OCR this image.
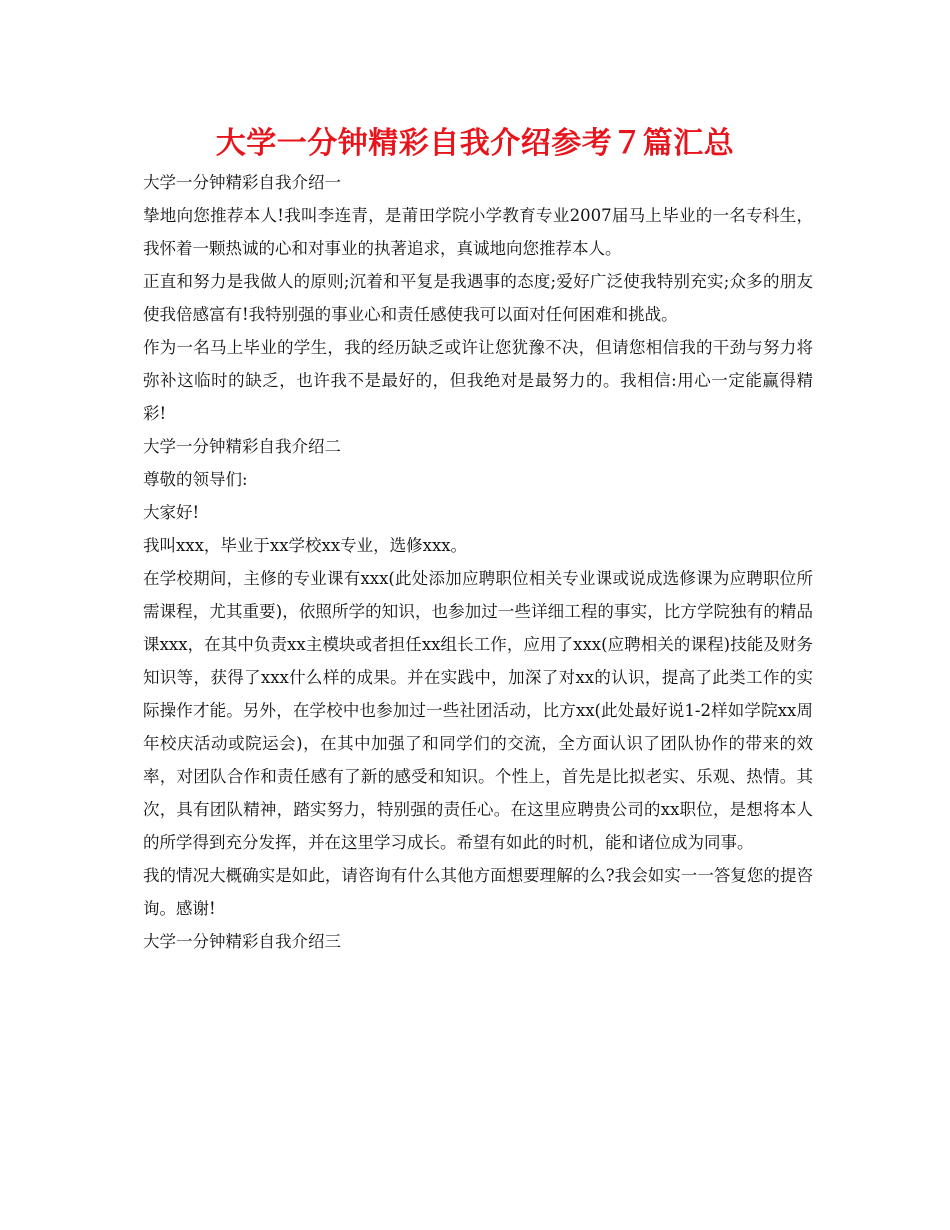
大学一分钟精彩自我介绍参考７篇汇总

大学一分钟精彩自我介绍一

挚地向您推荐本人!我叫李连青，是莆田学院小学教育专业2007届马上毕业的一名专科生，我怀着一颗热诚的心和对事业的执著追求，真诚地向您推荐本人。

正直和努力是我做人的原则;沉着和平复是我遇事的态度;爱好广泛使我特别充实;众多的朋友使我倍感富有!我特别强的事业心和责任感使我可以面对任何困难和挑战。

作为一名马上毕业的学生，我的经历缺乏或许让您犹豫不决，但请您相信我的干劲与努力将弥补这临时的缺乏，也许我不是最好的，但我绝对是最努力的。我相信:用心一定能赢得精彩!

大学一分钟精彩自我介绍二

尊敬的领导们:

大家好!

我叫xxx，毕业于xx学校xx专业，选修xxx。

在学校期间，主修的专业课有xxx(此处添加应聘职位相关专业课或说成选修课为应聘职位所需课程，尤其重要)，依照所学的知识，也参加过一些详细工程的事实，比方学院独有的精品课xxx，在其中负责xx主模块或者担任xx组长工作，应用了xxx(应聘相关的课程)技能及财务知识等，获得了xxx什么样的成果。并在实践中，加深了对xx的认识，提高了此类工作的实际操作才能。另外，在学校中也参加过一些社团活动，比方xx(此处最好说1-2样如学院xx周年校庆活动或院运会)，在其中加强了和同学们的交流，全方面认识了团队协作的带来的效率，对团队合作和责任感有了新的感受和知识。个性上，首先是比拟老实、乐观、热情。其次，具有团队精神，踏实努力，特别强的责任心。在这里应聘贵公司的xx职位，是想将本人的所学得到充分发挥，并在这里学习成长。希望有如此的时机，能和诸位成为同事。

我的情况大概确实是如此，请咨询有什么其他方面想要理解的么?我会如实一一答复您的提咨询。感谢!

大学一分钟精彩自我介绍三
